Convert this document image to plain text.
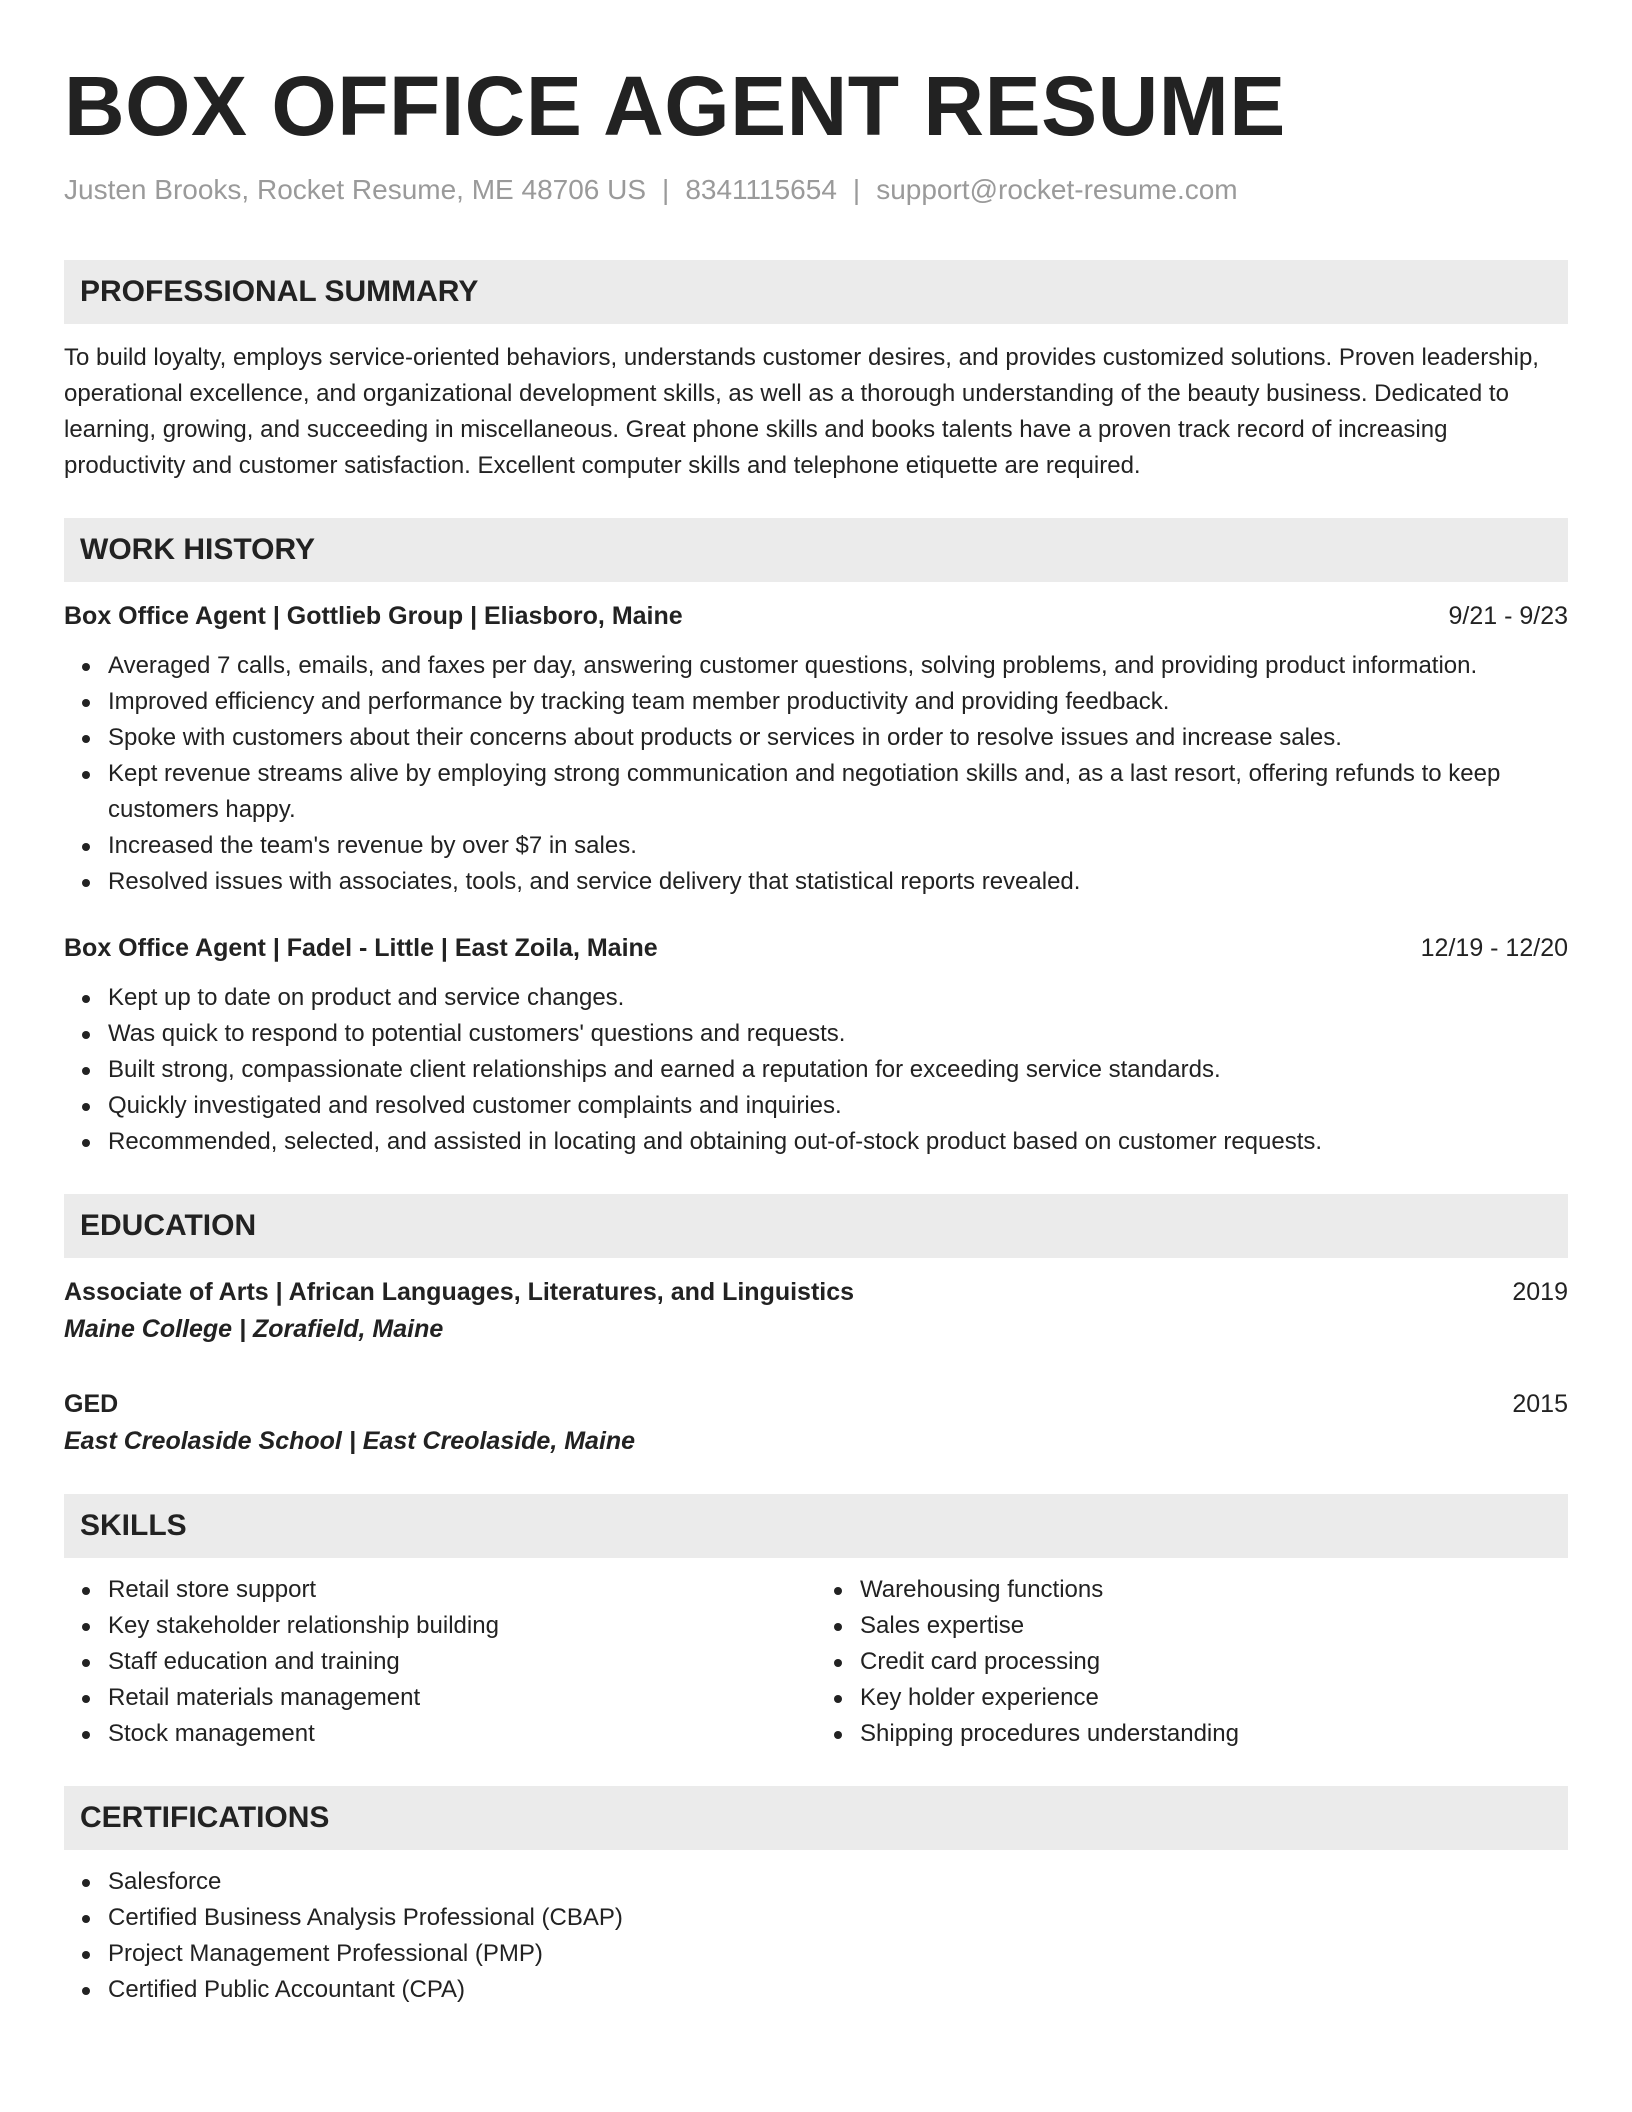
BOX OFFICE AGENT RESUME
Justen Brooks, Rocket Resume, ME 48706 US | 8341115654 | support@rocket-resume.com
PROFESSIONAL SUMMARY
To build loyalty, employs service-oriented behaviors, understands customer desires, and provides customized solutions. Proven leadership, operational excellence, and organizational development skills, as well as a thorough understanding of the beauty business. Dedicated to learning, growing, and succeeding in miscellaneous. Great phone skills and books talents have a proven track record of increasing productivity and customer satisfaction. Excellent computer skills and telephone etiquette are required.
WORK HISTORY
Box Office Agent | Gottlieb Group | Eliasboro, Maine	9/21 - 9/23
Averaged 7 calls, emails, and faxes per day, answering customer questions, solving problems, and providing product information.
Improved efficiency and performance by tracking team member productivity and providing feedback.
Spoke with customers about their concerns about products or services in order to resolve issues and increase sales.
Kept revenue streams alive by employing strong communication and negotiation skills and, as a last resort, offering refunds to keep customers happy.
Increased the team's revenue by over $7 in sales.
Resolved issues with associates, tools, and service delivery that statistical reports revealed.
Box Office Agent | Fadel - Little | East Zoila, Maine	12/19 - 12/20
Kept up to date on product and service changes.
Was quick to respond to potential customers' questions and requests.
Built strong, compassionate client relationships and earned a reputation for exceeding service standards.
Quickly investigated and resolved customer complaints and inquiries.
Recommended, selected, and assisted in locating and obtaining out-of-stock product based on customer requests.
EDUCATION
Associate of Arts | African Languages, Literatures, and Linguistics	2019
Maine College | Zorafield, Maine
GED	2015
East Creolaside School | East Creolaside, Maine
SKILLS
Retail store support
Key stakeholder relationship building
Staff education and training
Retail materials management
Stock management
Warehousing functions
Sales expertise
Credit card processing
Key holder experience
Shipping procedures understanding
CERTIFICATIONS
Salesforce
Certified Business Analysis Professional (CBAP)
Project Management Professional (PMP)
Certified Public Accountant (CPA)
